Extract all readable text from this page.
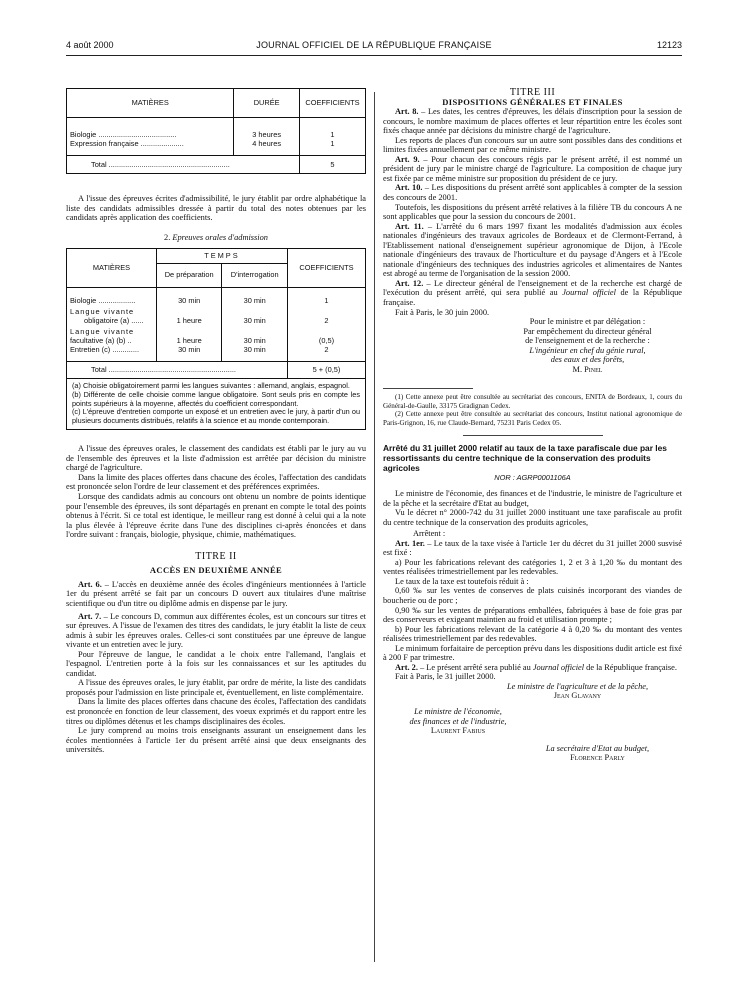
4 août 2000	JOURNAL OFFICIEL DE LA RÉPUBLIQUE FRANÇAISE	12123
MATIÈRES	DURÉE	COEFFICIENTS
Biologie ......................................	3 heures	1
Expression française .....................	4 heures	1
Total ...........................................................		5

A l'issue des épreuves écrites d'admissibilité, le jury établit par ordre alphabétique la liste des candidats admissibles dressée à partir du total des notes obtenues par les candidats après application des coefficients.

2. Epreuves orales d'admission

MATIÈRES	TEMPS		COEFFICIENTS
	De préparation	D'interrogation	
Biologie ..................	30 min	30 min	1
Langue vivante
obligatoire (a) ......	1 heure	30 min	2
Langue vivante
facultative (a) (b) ..	1 heure	30 min	(0,5)
Entretien (c) .............	30 min	30 min	2
Total ..............................................................			5 + (0,5)
(a) Choisie obligatoirement parmi les langues suivantes : allemand, anglais, espagnol.
(b) Différente de celle choisie comme langue obligatoire. Sont seuls pris en compte les points supérieurs à la moyenne, affectés du coefficient correspondant.
(c) L'épreuve d'entretien comporte un exposé et un entretien avec le jury, à partir d'un ou plusieurs documents distribués, relatifs à la science et au monde contemporain.

A l'issue des épreuves orales, le classement des candidats est établi par le jury au vu de l'ensemble des épreuves et la liste d'admission est arrêtée par décision du ministre chargé de l'agriculture.

Dans la limite des places offertes dans chacune des écoles, l'affectation des candidats est prononcée selon l'ordre de leur classement et des préférences exprimées.

Lorsque des candidats admis au concours ont obtenu un nombre de points identique pour l'ensemble des épreuves, ils sont départagés en prenant en compte le total des points obtenus à l'écrit. Si ce total est identique, le meilleur rang est donné à celui qui a la note la plus élevée à l'épreuve écrite dans l'une des disciplines ci-après énoncées et dans l'ordre suivant : français, biologie, physique, chimie, mathématiques.

TITRE II

ACCÈS EN DEUXIÈME ANNÉE

Art. 6. – L'accès en deuxième année des écoles d'ingénieurs mentionnées à l'article 1er du présent arrêté se fait par un concours D ouvert aux titulaires d'une maîtrise scientifique ou d'un titre ou diplôme admis en dispense par le jury.

Art. 7. – Le concours D, commun aux différentes écoles, est un concours sur titres et sur épreuves. A l'issue de l'examen des titres des candidats, le jury établit la liste de ceux admis à subir les épreuves orales. Celles-ci sont constituées par une épreuve de langue vivante et un entretien avec le jury.

Pour l'épreuve de langue, le candidat a le choix entre l'allemand, l'anglais et l'espagnol. L'entretien porte à la fois sur les connaissances et sur les aptitudes du candidat.

A l'issue des épreuves orales, le jury établit, par ordre de mérite, la liste des candidats proposés pour l'admission en liste principale et, éventuellement, en liste complémentaire.

Dans la limite des places offertes dans chacune des écoles, l'affectation des candidats est prononcée en fonction de leur classement, des voeux exprimés et du rapport entre les titres ou diplômes détenus et les champs disciplinaires des écoles.

Le jury comprend au moins trois enseignants assurant un enseignement dans les écoles mentionnées à l'article 1er du présent arrêté ainsi que deux enseignants des universités.

TITRE III

DISPOSITIONS GÉNÉRALES ET FINALES

Art. 8. – Les dates, les centres d'épreuves, les délais d'inscription pour la session de concours, le nombre maximum de places offertes et leur répartition entre les écoles sont fixés chaque année par décisions du ministre chargé de l'agriculture.

Les reports de places d'un concours sur un autre sont possibles dans des conditions et limites fixées annuellement par ce même ministre.

Art. 9. – Pour chacun des concours régis par le présent arrêté, il est nommé un président de jury par le ministre chargé de l'agriculture. La composition de chaque jury est fixée par ce même ministre sur proposition du président de ce jury.

Art. 10. – Les dispositions du présent arrêté sont applicables à compter de la session des concours de 2001.

Toutefois, les dispositions du présent arrêté relatives à la filière TB du concours A ne sont applicables que pour la session du concours de 2001.

Art. 11. – L'arrêté du 6 mars 1997 fixant les modalités d'admission aux écoles nationales d'ingénieurs des travaux agricoles de Bordeaux et de Clermont-Ferrand, à l'Etablissement national d'enseignement supérieur agronomique de Dijon, à l'Ecole nationale d'ingénieurs des travaux de l'horticulture et du paysage d'Angers et à l'Ecole nationale d'ingénieurs des techniques des industries agricoles et alimentaires de Nantes est abrogé au terme de l'organisation de la session 2000.

Art. 12. – Le directeur général de l'enseignement et de la recherche est chargé de l'exécution du présent arrêté, qui sera publié au Journal officiel de la République française.

Fait à Paris, le 30 juin 2000.

Pour le ministre et par délégation :
Par empêchement du directeur général
de l'enseignement et de la recherche :
L'ingénieur en chef du génie rural,
des eaux et des forêts,
M. Pinel

(1) Cette annexe peut être consultée au secrétariat des concours, ENITA de Bordeaux, 1, cours du Général-de-Gaulle, 33175 Gradignan Cedex.

(2) Cette annexe peut être consultée au secrétariat des concours, Institut national agronomique de Paris-Grignon, 16, rue Claude-Bernard, 75231 Paris Cedex 05.

Arrêté du 31 juillet 2000 relatif au taux de la taxe parafiscale due par les ressortissants du centre technique de la conservation des produits agricoles

NOR : AGRP0001106A

Le ministre de l'économie, des finances et de l'industrie, le ministre de l'agriculture et de la pêche et la secrétaire d'Etat au budget,

Vu le décret n° 2000-742 du 31 juillet 2000 instituant une taxe parafiscale au profit du centre technique de la conservation des produits agricoles,

Arrêtent :

Art. 1er. – Le taux de la taxe visée à l'article 1er du décret du 31 juillet 2000 susvisé est fixé :

a) Pour les fabrications relevant des catégories 1, 2 et 3 à 1,20 ‰ du montant des ventes réalisées trimestriellement par les redevables.

Le taux de la taxe est toutefois réduit à :

0,60 ‰ sur les ventes de conserves de plats cuisinés incorporant des viandes de boucherie ou de porc ;

0,90 ‰ sur les ventes de préparations emballées, fabriquées à base de foie gras par des conserveurs et exigeant maintien au froid et utilisation prompte ;

b) Pour les fabrications relevant de la catégorie 4 à 0,20 ‰ du montant des ventes réalisées trimestriellement par des redevables.

Le minimum forfaitaire de perception prévu dans les dispositions dudit article est fixé à 200 F par trimestre.

Art. 2. – Le présent arrêté sera publié au Journal officiel de la République française.

Fait à Paris, le 31 juillet 2000.

Le ministre de l'agriculture et de la pêche,
Jean Glavany
Le ministre de l'économie,
des finances et de l'industrie,
Laurent Fabius
La secrétaire d'Etat au budget,
Florence Parly
